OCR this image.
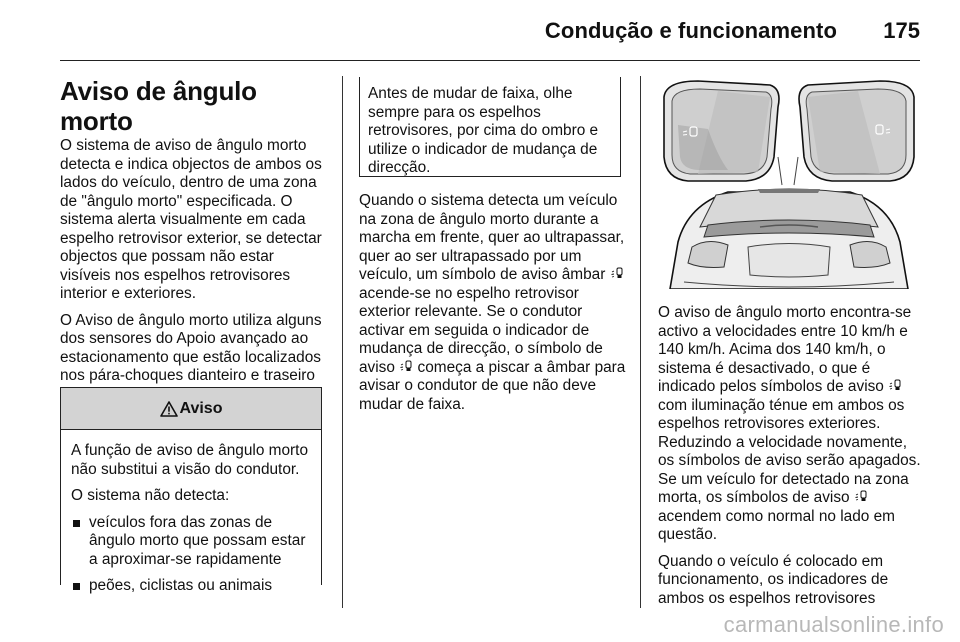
Condução e funcionamento 175
Aviso de ângulo morto

O sistema de aviso de ângulo morto detecta e indica objectos de ambos os lados do veículo, dentro de uma zona de "ângulo morto" especificada. O sistema alerta visualmente em cada espelho retrovisor exterior, se detectar objectos que possam não estar visíveis nos espelhos retrovisores interior e exteriores.

O Aviso de ângulo morto utiliza alguns dos sensores do Apoio avançado ao estacionamento que estão localizados nos pára-choques dianteiro e traseiro

Aviso

A função de aviso de ângulo morto não substitui a visão do condutor.

O sistema não detecta:

veículos fora das zonas de ângulo morto que possam estar a aproximar-se rapidamente
peões, ciclistas ou animais
Antes de mudar de faixa, olhe sempre para os espelhos retrovisores, por cima do ombro e utilize o indicador de mudança de direcção.

Quando o sistema detecta um veículo na zona de ângulo morto durante a marcha em frente, quer ao ultrapassar, quer ao ser ultrapassado por um veículo, um símbolo de aviso âmbar  acende-se no espelho retrovisor exterior relevante. Se o condutor activar em seguida o indicador de mudança de direcção, o símbolo de aviso começa a piscar a âmbar para avisar o condutor de que não deve mudar de faixa.

O aviso de ângulo morto encontra-se activo a velocidades entre 10 km/h e 140 km/h. Acima dos 140 km/h, o sistema é desactivado, o que é indicado pelos símbolos de aviso  com iluminação ténue em ambos os espelhos retrovisores exteriores. Reduzindo a velocidade novamente, os símbolos de aviso serão apagados. Se um veículo for detectado na zona morta, os símbolos de aviso  acendem como normal no lado em questão.

Quando o veículo é colocado em funcionamento, os indicadores de ambos os espelhos retrovisores

carmanualsonline.info
